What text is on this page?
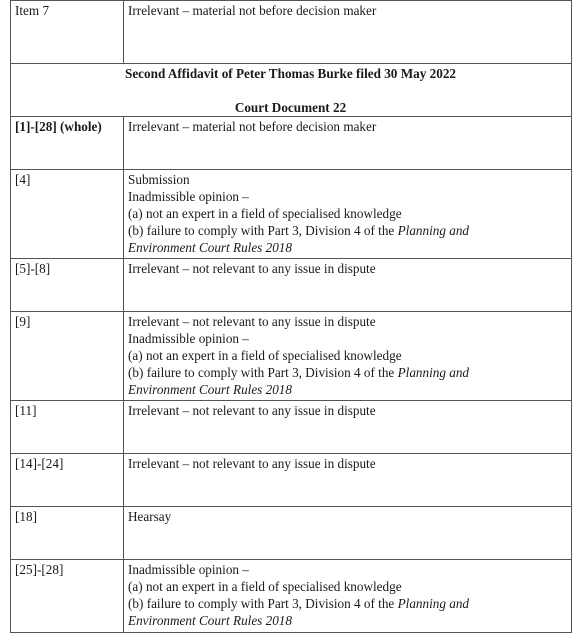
Item 7	Irrelevant – material not before decision maker

Second Affidavit of Peter Thomas Burke filed 30 May 2022
Court Document 22	

[1]-[28] (whole)	Irrelevant – material not before decision maker

[4]	Submission
Inadmissible opinion –
(a) not an expert in a field of specialised knowledge
(b) failure to comply with Part 3, Division 4 of the Planning and
Environment Court Rules 2018

[5]-[8]	Irrelevant – not relevant to any issue in dispute

[9]	Irrelevant – not relevant to any issue in dispute
Inadmissible opinion –
(a) not an expert in a field of specialised knowledge
(b) failure to comply with Part 3, Division 4 of the Planning and
Environment Court Rules 2018

[11]	Irrelevant – not relevant to any issue in dispute

[14]-[24]	Irrelevant – not relevant to any issue in dispute

[18]	Hearsay

[25]-[28]	Inadmissible opinion –
(a) not an expert in a field of specialised knowledge
(b) failure to comply with Part 3, Division 4 of the Planning and
Environment Court Rules 2018
